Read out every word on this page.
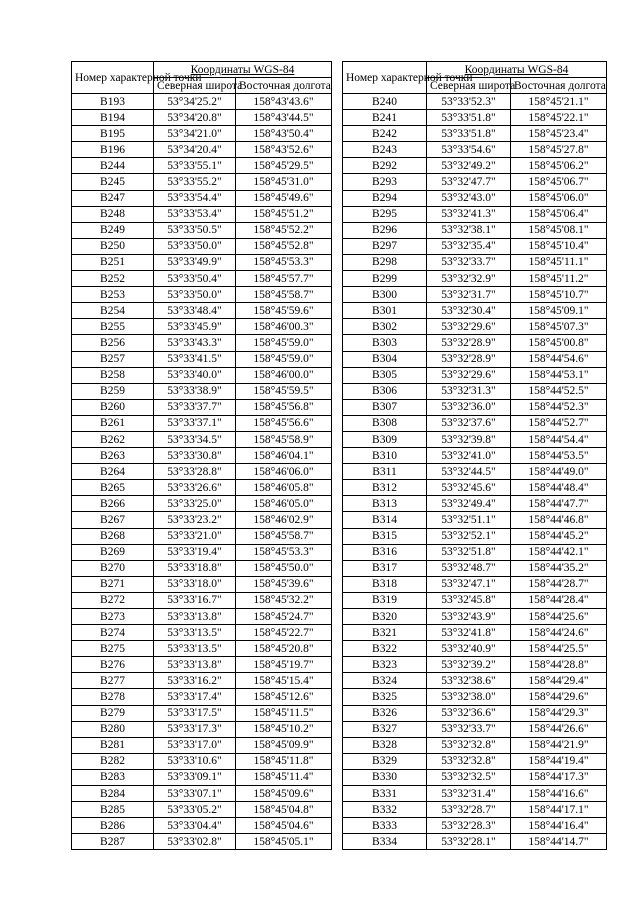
Номер характерной точки	Координаты WGS-84	
	Северная широта	Восточная долгота
В193	53°34'25.2"	158°43'43.6"
В194	53°34'20.8"	158°43'44.5"
В195	53°34'21.0"	158°43'50.4"
В196	53°34'20.4"	158°43'52.6"
В244	53°33'55.1"	158°45'29.5"
В245	53°33'55.2"	158°45'31.0"
В247	53°33'54.4"	158°45'49.6"
В248	53°33'53.4"	158°45'51.2"
В249	53°33'50.5"	158°45'52.2"
В250	53°33'50.0"	158°45'52.8"
В251	53°33'49.9"	158°45'53.3"
В252	53°33'50.4"	158°45'57.7"
В253	53°33'50.0"	158°45'58.7"
В254	53°33'48.4"	158°45'59.6"
В255	53°33'45.9"	158°46'00.3"
В256	53°33'43.3"	158°45'59.0"
В257	53°33'41.5"	158°45'59.0"
В258	53°33'40.0"	158°46'00.0"
В259	53°33'38.9"	158°45'59.5"
В260	53°33'37.7"	158°45'56.8"
В261	53°33'37.1"	158°45'56.6"
В262	53°33'34.5"	158°45'58.9"
В263	53°33'30.8"	158°46'04.1"
В264	53°33'28.8"	158°46'06.0"
В265	53°33'26.6"	158°46'05.8"
В266	53°33'25.0"	158°46'05.0"
В267	53°33'23.2"	158°46'02.9"
В268	53°33'21.0"	158°45'58.7"
В269	53°33'19.4"	158°45'53.3"
В270	53°33'18.8"	158°45'50.0"
В271	53°33'18.0"	158°45'39.6"
В272	53°33'16.7"	158°45'32.2"
В273	53°33'13.8"	158°45'24.7"
В274	53°33'13.5"	158°45'22.7"
В275	53°33'13.5"	158°45'20.8"
В276	53°33'13.8"	158°45'19.7"
В277	53°33'16.2"	158°45'15.4"
В278	53°33'17.4"	158°45'12.6"
В279	53°33'17.5"	158°45'11.5"
В280	53°33'17.3"	158°45'10.2"
В281	53°33'17.0"	158°45'09.9"
В282	53°33'10.6"	158°45'11.8"
В283	53°33'09.1"	158°45'11.4"
В284	53°33'07.1"	158°45'09.6"
В285	53°33'05.2"	158°45'04.8"
В286	53°33'04.4"	158°45'04.6"
В287	53°33'02.8"	158°45'05.1"
Номер характерной точки	Координаты WGS-84	
	Северная широта	Восточная долгота
В240	53°33'52.3"	158°45'21.1"
В241	53°33'51.8"	158°45'22.1"
В242	53°33'51.8"	158°45'23.4"
В243	53°33'54.6"	158°45'27.8"
В292	53°32'49.2"	158°45'06.2"
В293	53°32'47.7"	158°45'06.7"
В294	53°32'43.0"	158°45'06.0"
В295	53°32'41.3"	158°45'06.4"
В296	53°32'38.1"	158°45'08.1"
В297	53°32'35.4"	158°45'10.4"
В298	53°32'33.7"	158°45'11.1"
В299	53°32'32.9"	158°45'11.2"
В300	53°32'31.7"	158°45'10.7"
В301	53°32'30.4"	158°45'09.1"
В302	53°32'29.6"	158°45'07.3"
В303	53°32'28.9"	158°45'00.8"
В304	53°32'28.9"	158°44'54.6"
В305	53°32'29.6"	158°44'53.1"
В306	53°32'31.3"	158°44'52.5"
В307	53°32'36.0"	158°44'52.3"
В308	53°32'37.6"	158°44'52.7"
В309	53°32'39.8"	158°44'54.4"
В310	53°32'41.0"	158°44'53.5"
В311	53°32'44.5"	158°44'49.0"
В312	53°32'45.6"	158°44'48.4"
В313	53°32'49.4"	158°44'47.7"
В314	53°32'51.1"	158°44'46.8"
В315	53°32'52.1"	158°44'45.2"
В316	53°32'51.8"	158°44'42.1"
В317	53°32'48.7"	158°44'35.2"
В318	53°32'47.1"	158°44'28.7"
В319	53°32'45.8"	158°44'28.4"
В320	53°32'43.9"	158°44'25.6"
В321	53°32'41.8"	158°44'24.6"
В322	53°32'40.9"	158°44'25.5"
В323	53°32'39.2"	158°44'28.8"
В324	53°32'38.6"	158°44'29.4"
В325	53°32'38.0"	158°44'29.6"
В326	53°32'36.6"	158°44'29.3"
В327	53°32'33.7"	158°44'26.6"
В328	53°32'32.8"	158°44'21.9"
В329	53°32'32.8"	158°44'19.4"
В330	53°32'32.5"	158°44'17.3"
В331	53°32'31.4"	158°44'16.6"
В332	53°32'28.7"	158°44'17.1"
В333	53°32'28.3"	158°44'16.4"
В334	53°32'28.1"	158°44'14.7"
